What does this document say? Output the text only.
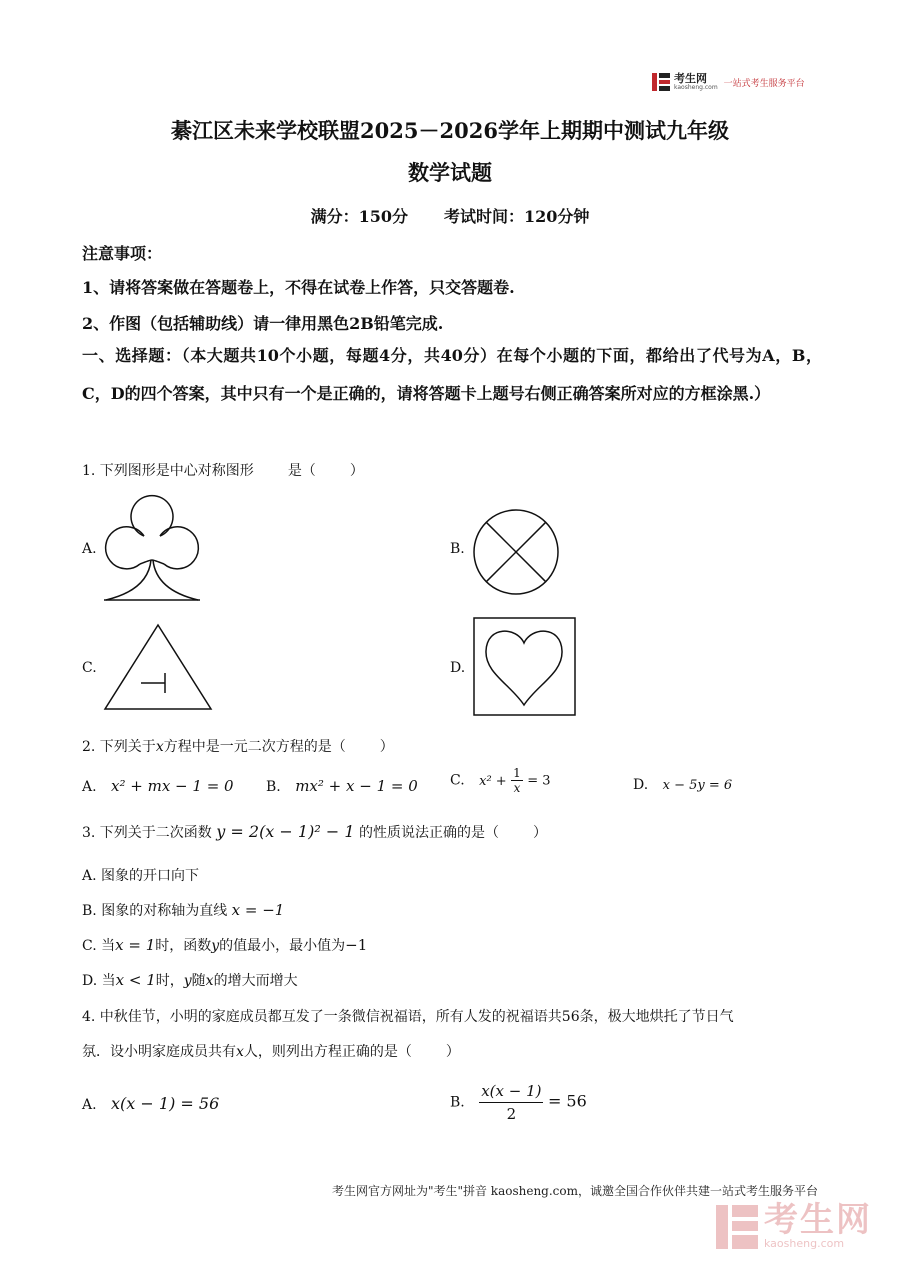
考生网
kaosheng.com 一站式考生服务平台
綦江区未来学校联盟2025－2026学年上期期中测试九年级
数学试题
满分：150分 考试时间：120分钟
注意事项：
1、请将答案做在答题卷上，不得在试卷上作答，只交答题卷.
2、作图（包括辅助线）请一律用黑色2B铅笔完成.
一、选择题：（本大题共10个小题，每题4分，共40分）在每个小题的下面，都给出了代号为A，B，C，D的四个答案，其中只有一个是正确的，请将答题卡上题号右侧正确答案所对应的方框涂黑.）
1. 下列图形是中心对称图形 是（ ）
A.	B.
C.	D.
2. 下列关于x方程中是一元二次方程的是（ ）
A. x² + mx − 1 = 0 B. mx² + x − 1 = 0 C. $x^2 + \frac{1}{x} = 3$	D. x − 5y = 6
3. 下列关于二次函数 y = 2(x − 1)² − 1 的性质说法正确的是（ ）
A. 图象的开口向下
B. 图象的对称轴为直线 x = −1
C. 当x = 1时，函数y的值最小，最小值为−1
D. 当x < 1时，y随x的增大而增大
4. 中秋佳节，小明的家庭成员都互发了一条微信祝福语，所有人发的祝福语共56条，极大地烘托了节日气
氛．设小明家庭成员共有x人，则列出方程正确的是（ ）
A. x(x − 1) = 56	B. $\frac{x(x - 1)}{2} = 56$
考生网官方网址为"考生"拼音 kaosheng.com，诚邀全国合作伙伴共建一站式考生服务平台
考生网
kaosheng.com
